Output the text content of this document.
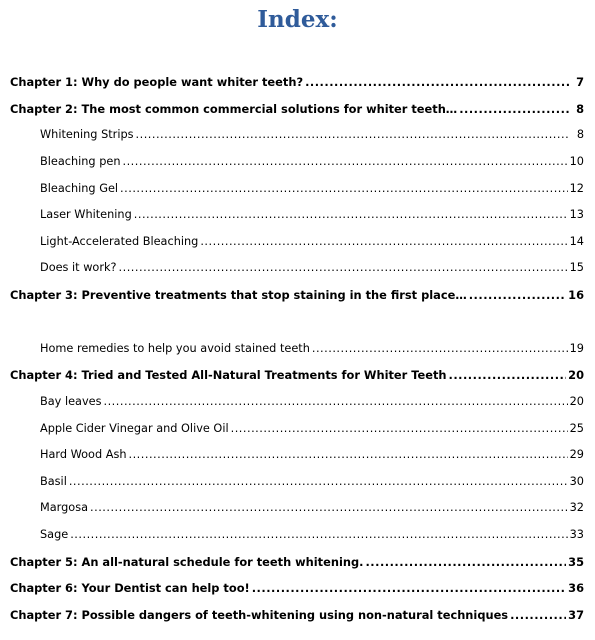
Index:
Chapter 1: Why do people want whiter teeth? .....	7
Chapter 2: The most common commercial solutions for whiter teeth… .....	8
Whitening Strips .....	8
Bleaching pen .....	10
Bleaching Gel .....	12
Laser Whitening .....	13
Light-Accelerated Bleaching .....	14
Does it work? .....	15
Chapter 3: Preventive treatments that stop staining in the first place… .....	16
Home remedies to help you avoid stained teeth .....	19
Chapter 4: Tried and Tested All-Natural Treatments for Whiter Teeth .....	20
Bay leaves .....	20
Apple Cider Vinegar and Olive Oil .....	25
Hard Wood Ash .....	29
Basil .....	30
Margosa .....	32
Sage .....	33
Chapter 5: An all-natural schedule for teeth whitening. .....	35
Chapter 6: Your Dentist can help too! .....	36
Chapter 7: Possible dangers of teeth-whitening using non-natural techniques .....	37
